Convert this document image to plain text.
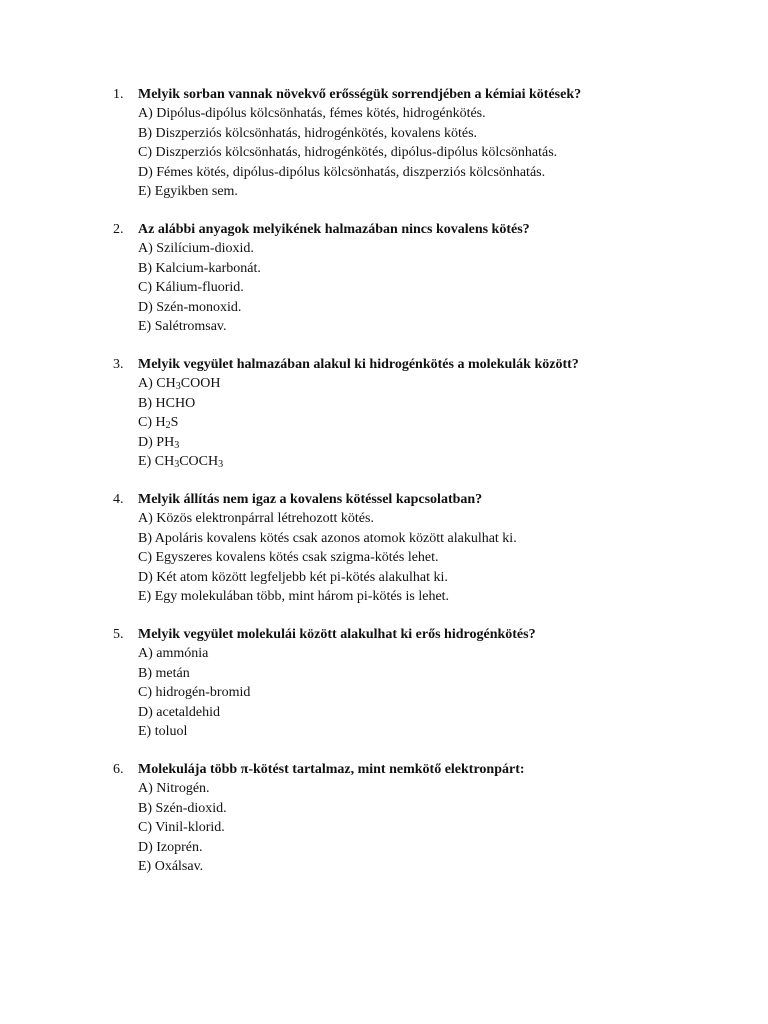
1. Melyik sorban vannak növekvő erősségük sorrendjében a kémiai kötések?
A) Dipólus-dipólus kölcsönhatás, fémes kötés, hidrogénkötés.
B) Diszperziós kölcsönhatás, hidrogénkötés, kovalens kötés.
C) Diszperziós kölcsönhatás, hidrogénkötés, dipólus-dipólus kölcsönhatás.
D) Fémes kötés, dipólus-dipólus kölcsönhatás, diszperziós kölcsönhatás.
E) Egyikben sem.
2. Az alábbi anyagok melyikének halmazában nincs kovalens kötés?
A) Szilícium-dioxid.
B) Kalcium-karbonát.
C) Kálium-fluorid.
D) Szén-monoxid.
E) Salétromsav.
3. Melyik vegyület halmazában alakul ki hidrogénkötés a molekulák között?
A) $CH_3COOH$
B) HCHO
C) $H_2S$
D) $PH_3$
E) $CH_3COCH_3$
4. Melyik állítás nem igaz a kovalens kötéssel kapcsolatban?
A) Közös elektronpárral létrehozott kötés.
B) Apoláris kovalens kötés csak azonos atomok között alakulhat ki.
C) Egyszeres kovalens kötés csak szigma-kötés lehet.
D) Két atom között legfeljebb két pi-kötés alakulhat ki.
E) Egy molekulában több, mint három pi-kötés is lehet.
5. Melyik vegyület molekulái között alakulhat ki erős hidrogénkötés?
A) ammónia
B) metán
C) hidrogén-bromid
D) acetaldehid
E) toluol
6. Molekulája több π-kötést tartalmaz, mint nemkötő elektronpárt:
A) Nitrogén.
B) Szén-dioxid.
C) Vinil-klorid.
D) Izoprén.
E) Oxálsav.
